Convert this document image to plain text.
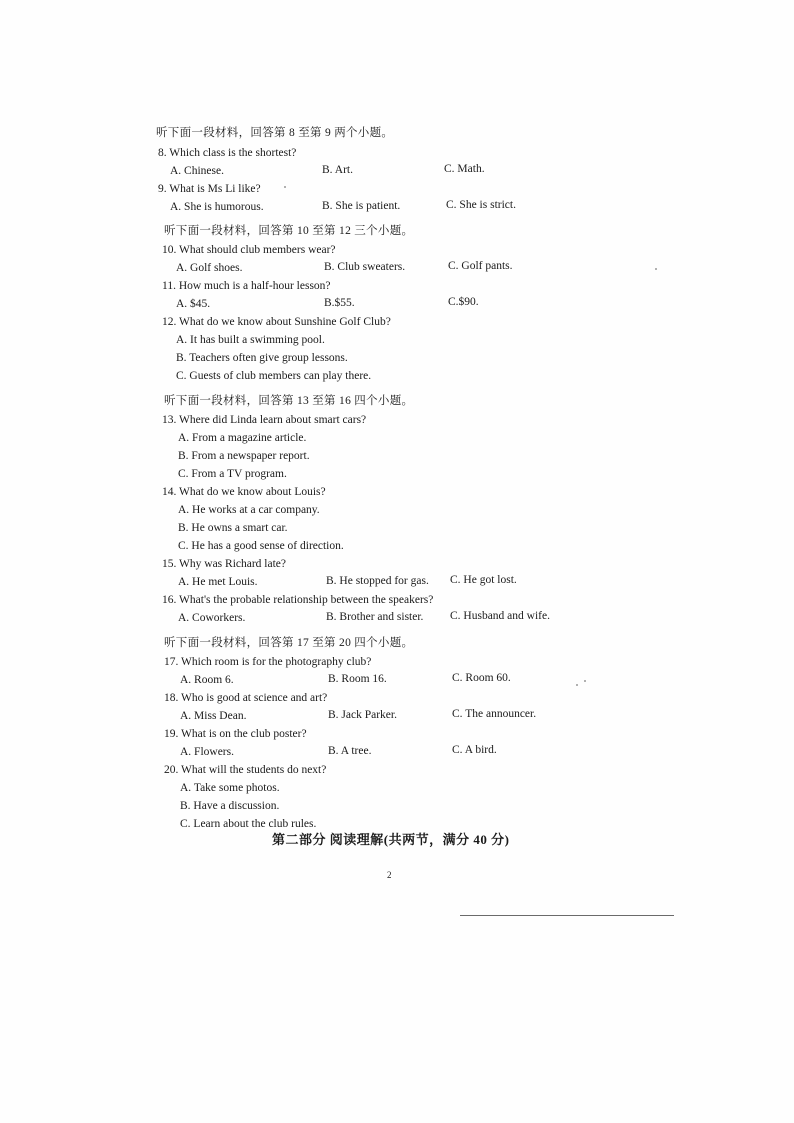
听下面一段材料，回答第 8 至第 9 两个小题。
8. Which class is the shortest?
A. Chinese.	B. Art.	C. Math.
9. What is Ms Li like?
A. She is humorous.	B. She is patient.	C. She is strict.
听下面一段材料，回答第 10 至第 12 三个小题。
10. What should club members wear?
A. Golf shoes.	B. Club sweaters.	C. Golf pants.
11. How much is a half-hour lesson?
A. $45.	B.$55.	C.$90.
12. What do we know about Sunshine Golf Club?
A. It has built a swimming pool.
B. Teachers often give group lessons.
C. Guests of club members can play there.
听下面一段材料，回答第 13 至第 16 四个小题。
13. Where did Linda learn about smart cars?
A. From a magazine article.
B. From a newspaper report.
C. From a TV program.
14. What do we know about Louis?
A. He works at a car company.
B. He owns a smart car.
C. He has a good sense of direction.
15. Why was Richard late?
A. He met Louis.	B. He stopped for gas. C. He got lost.
16. What's the probable relationship between the speakers?
A. Coworkers.	B. Brother and sister. C. Husband and wife.
听下面一段材料，回答第 17 至第 20 四个小题。
17. Which room is for the photography club?
A. Room 6.	B. Room 16.	C. Room 60.
18. Who is good at science and art?
A. Miss Dean.	B. Jack Parker.	C. The announcer.
19. What is on the club poster?
A. Flowers.	B. A tree.	C. A bird.
20. What will the students do next?
A. Take some photos.
B. Have a discussion.
C. Learn about the club rules.
第二部分 阅读理解(共两节，满分 40 分)
2
